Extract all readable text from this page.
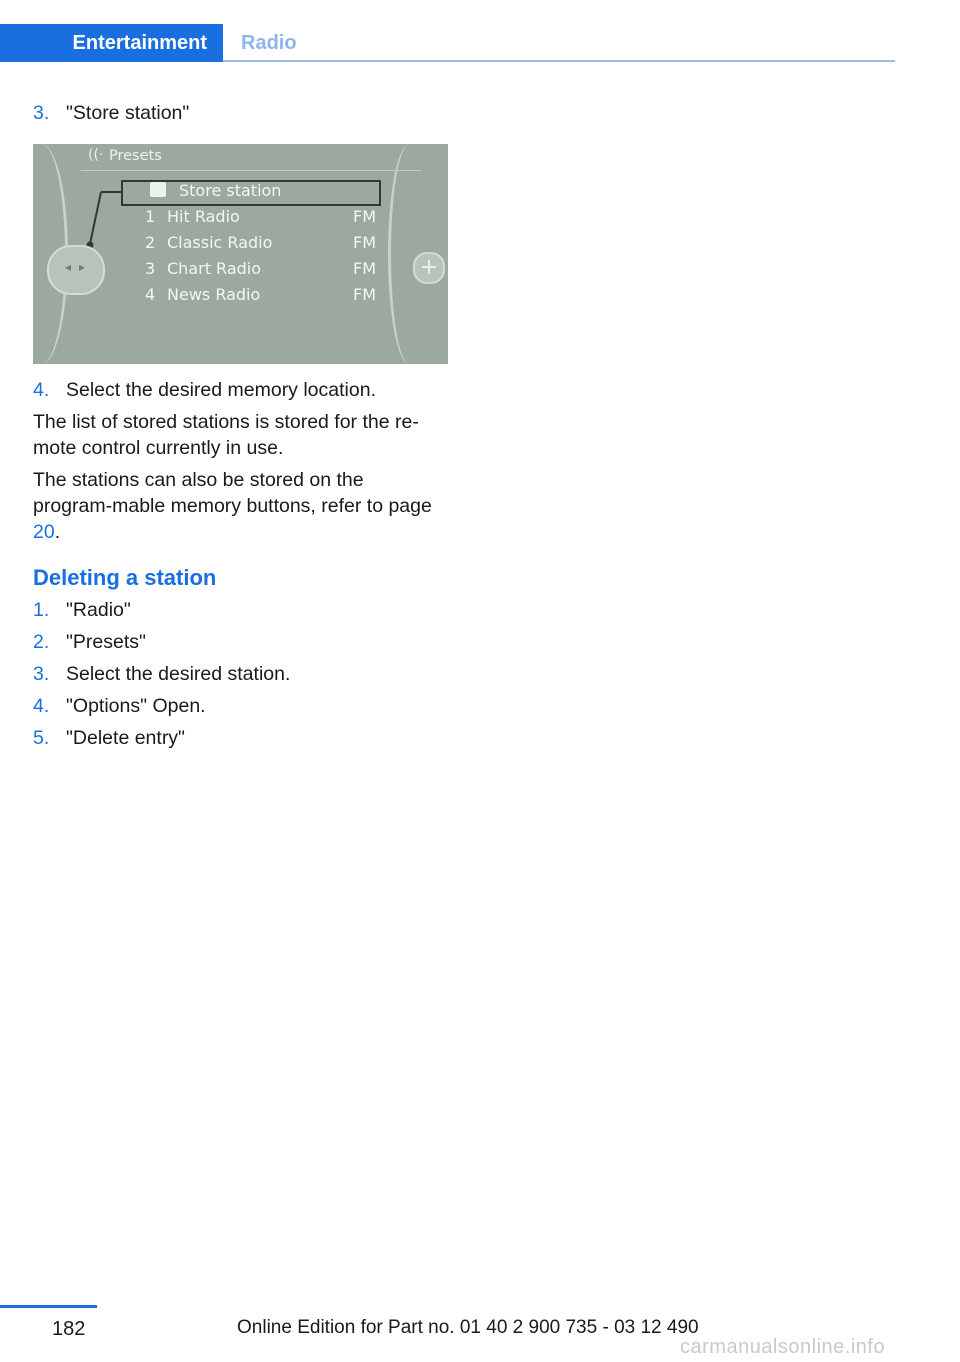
Entertainment	Radio

3. "Store station"

((· Presets
Store station
1 Hit Radio	FM
2 Classic Radio	FM
3 Chart Radio	FM
4 News Radio	FM
◂ ▸	+

4. Select the desired memory location.

The list of stored stations is stored for the re-mote control currently in use.

The stations can also be stored on the program-mable memory buttons, refer to page 20.

Deleting a station

1. "Radio"

2. "Presets"

3. Select the desired station.

4. "Options" Open.

5. "Delete entry"

182	Online Edition for Part no. 01 40 2 900 735 - 03 12 490
carmanualsonline.info
